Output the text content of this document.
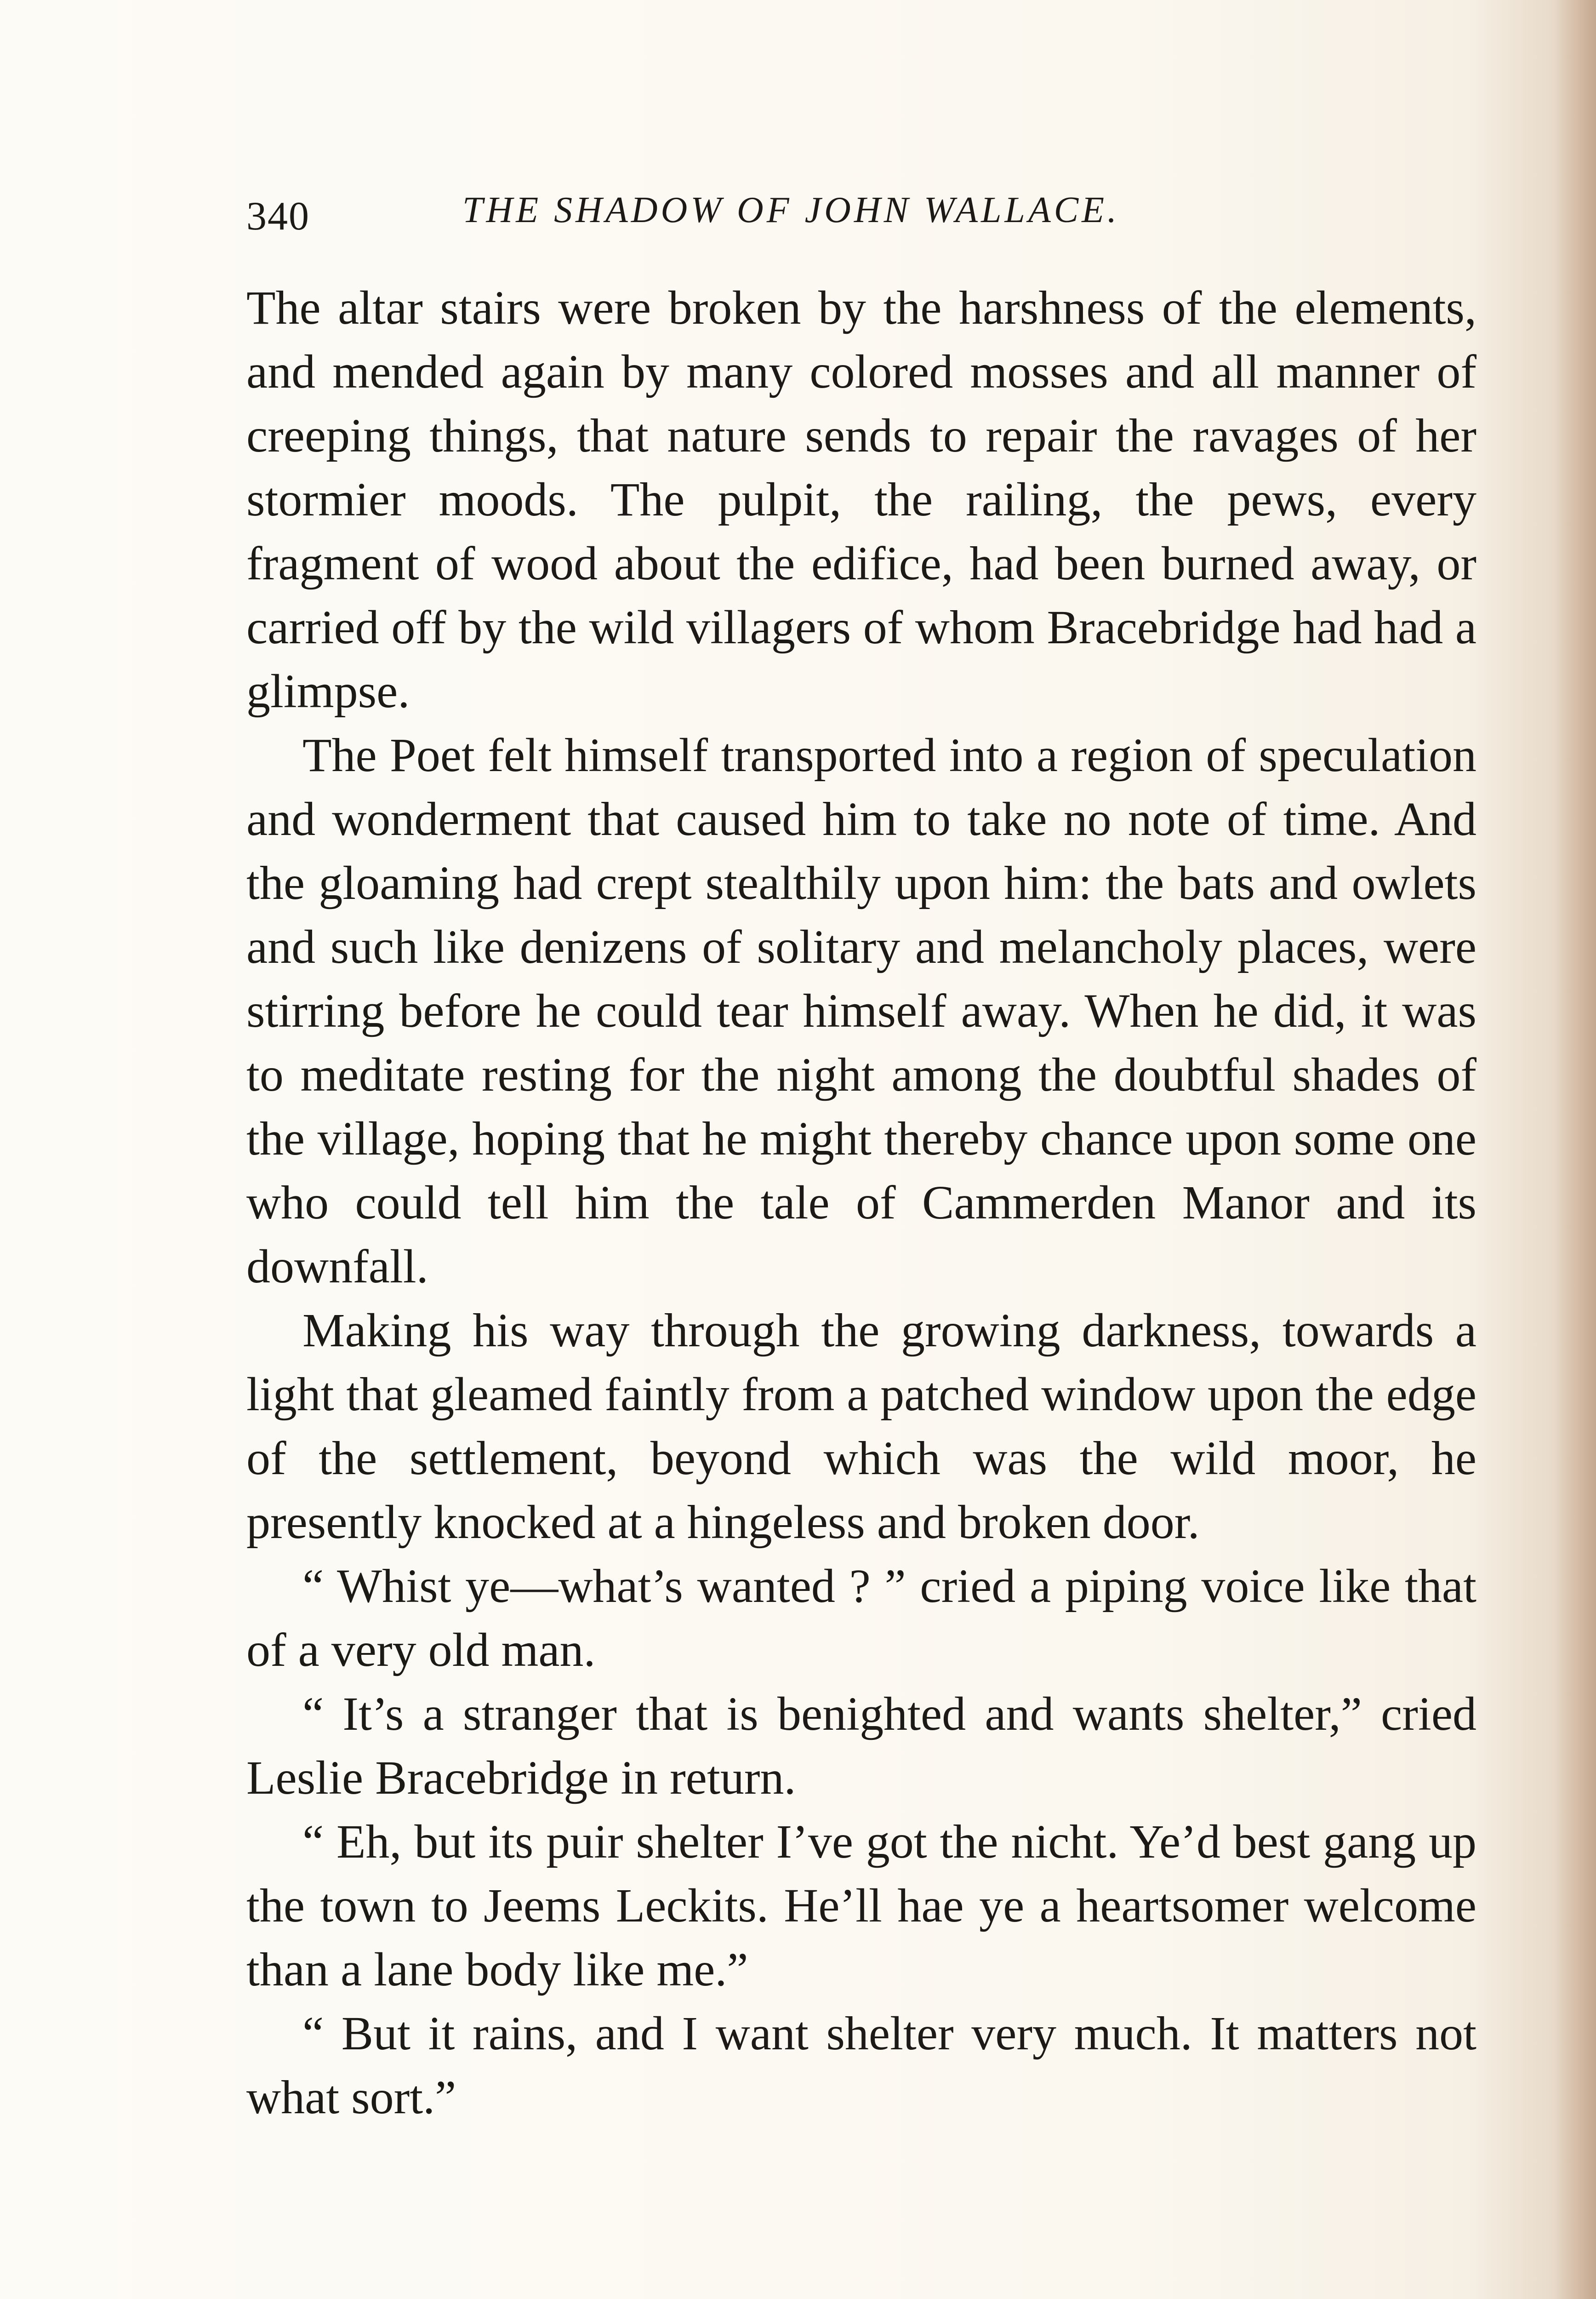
340	THE SHADOW OF JOHN WALLACE.

The altar stairs were broken by the harshness of the elements, and mended again by many colored mosses and all manner of creeping things, that nature sends to repair the ravages of her stormier moods. The pulpit, the railing, the pews, every fragment of wood about the edifice, had been burned away, or carried off by the wild villagers of whom Bracebridge had had a glimpse.

The Poet felt himself transported into a region of speculation and wonderment that caused him to take no note of time. And the gloaming had crept stealthily upon him: the bats and owlets and such like denizens of solitary and melancholy places, were stirring before he could tear himself away. When he did, it was to meditate resting for the night among the doubtful shades of the village, hoping that he might thereby chance upon some one who could tell him the tale of Cammerden Manor and its downfall.

Making his way through the growing darkness, towards a light that gleamed faintly from a patched window upon the edge of the settlement, beyond which was the wild moor, he presently knocked at a hingeless and broken door.

“ Whist ye—what’s wanted ? ” cried a piping voice like that of a very old man.

“ It’s a stranger that is benighted and wants shelter,” cried Leslie Bracebridge in return.

“ Eh, but its puir shelter I’ve got the nicht. Ye’d best gang up the town to Jeems Leckits. He’ll hae ye a heartsomer welcome than a lane body like me.”

“ But it rains, and I want shelter very much. It matters not what sort.”
